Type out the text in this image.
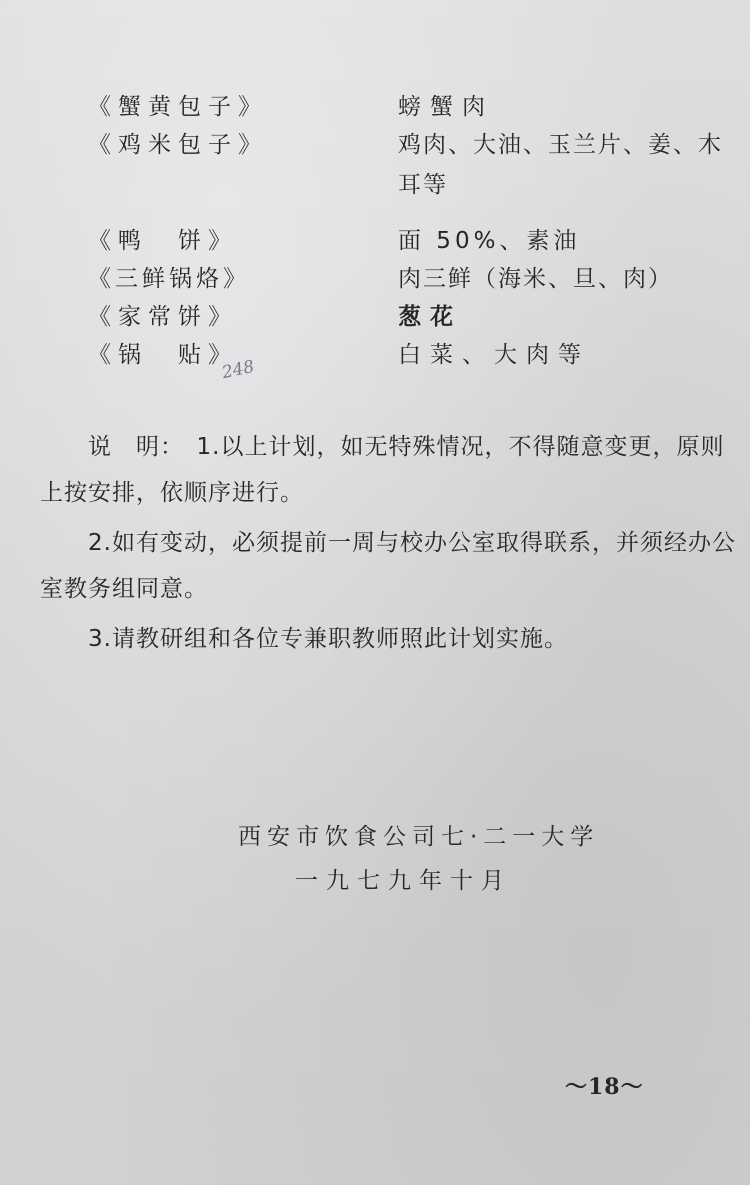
《蟹黄包子》	螃蟹肉
《鸡米包子》	鸡肉、大油、玉兰片、姜、木
耳等
《鸭　饼》	面 50%、素油
《三鲜锅烙》	肉三鲜（海米、旦、肉）
《家常饼》	葱花
《锅　贴》	白菜、大肉等
248
说　明：　1.以上计划，如无特殊情况，不得随意变更，原则
上按安排，依顺序进行。
2.如有变动，必须提前一周与校办公室取得联系，并须经办公
室教务组同意。
3.请教研组和各位专兼职教师照此计划实施。
西安市饮食公司七·二一大学
一九七九年十月
～18～
